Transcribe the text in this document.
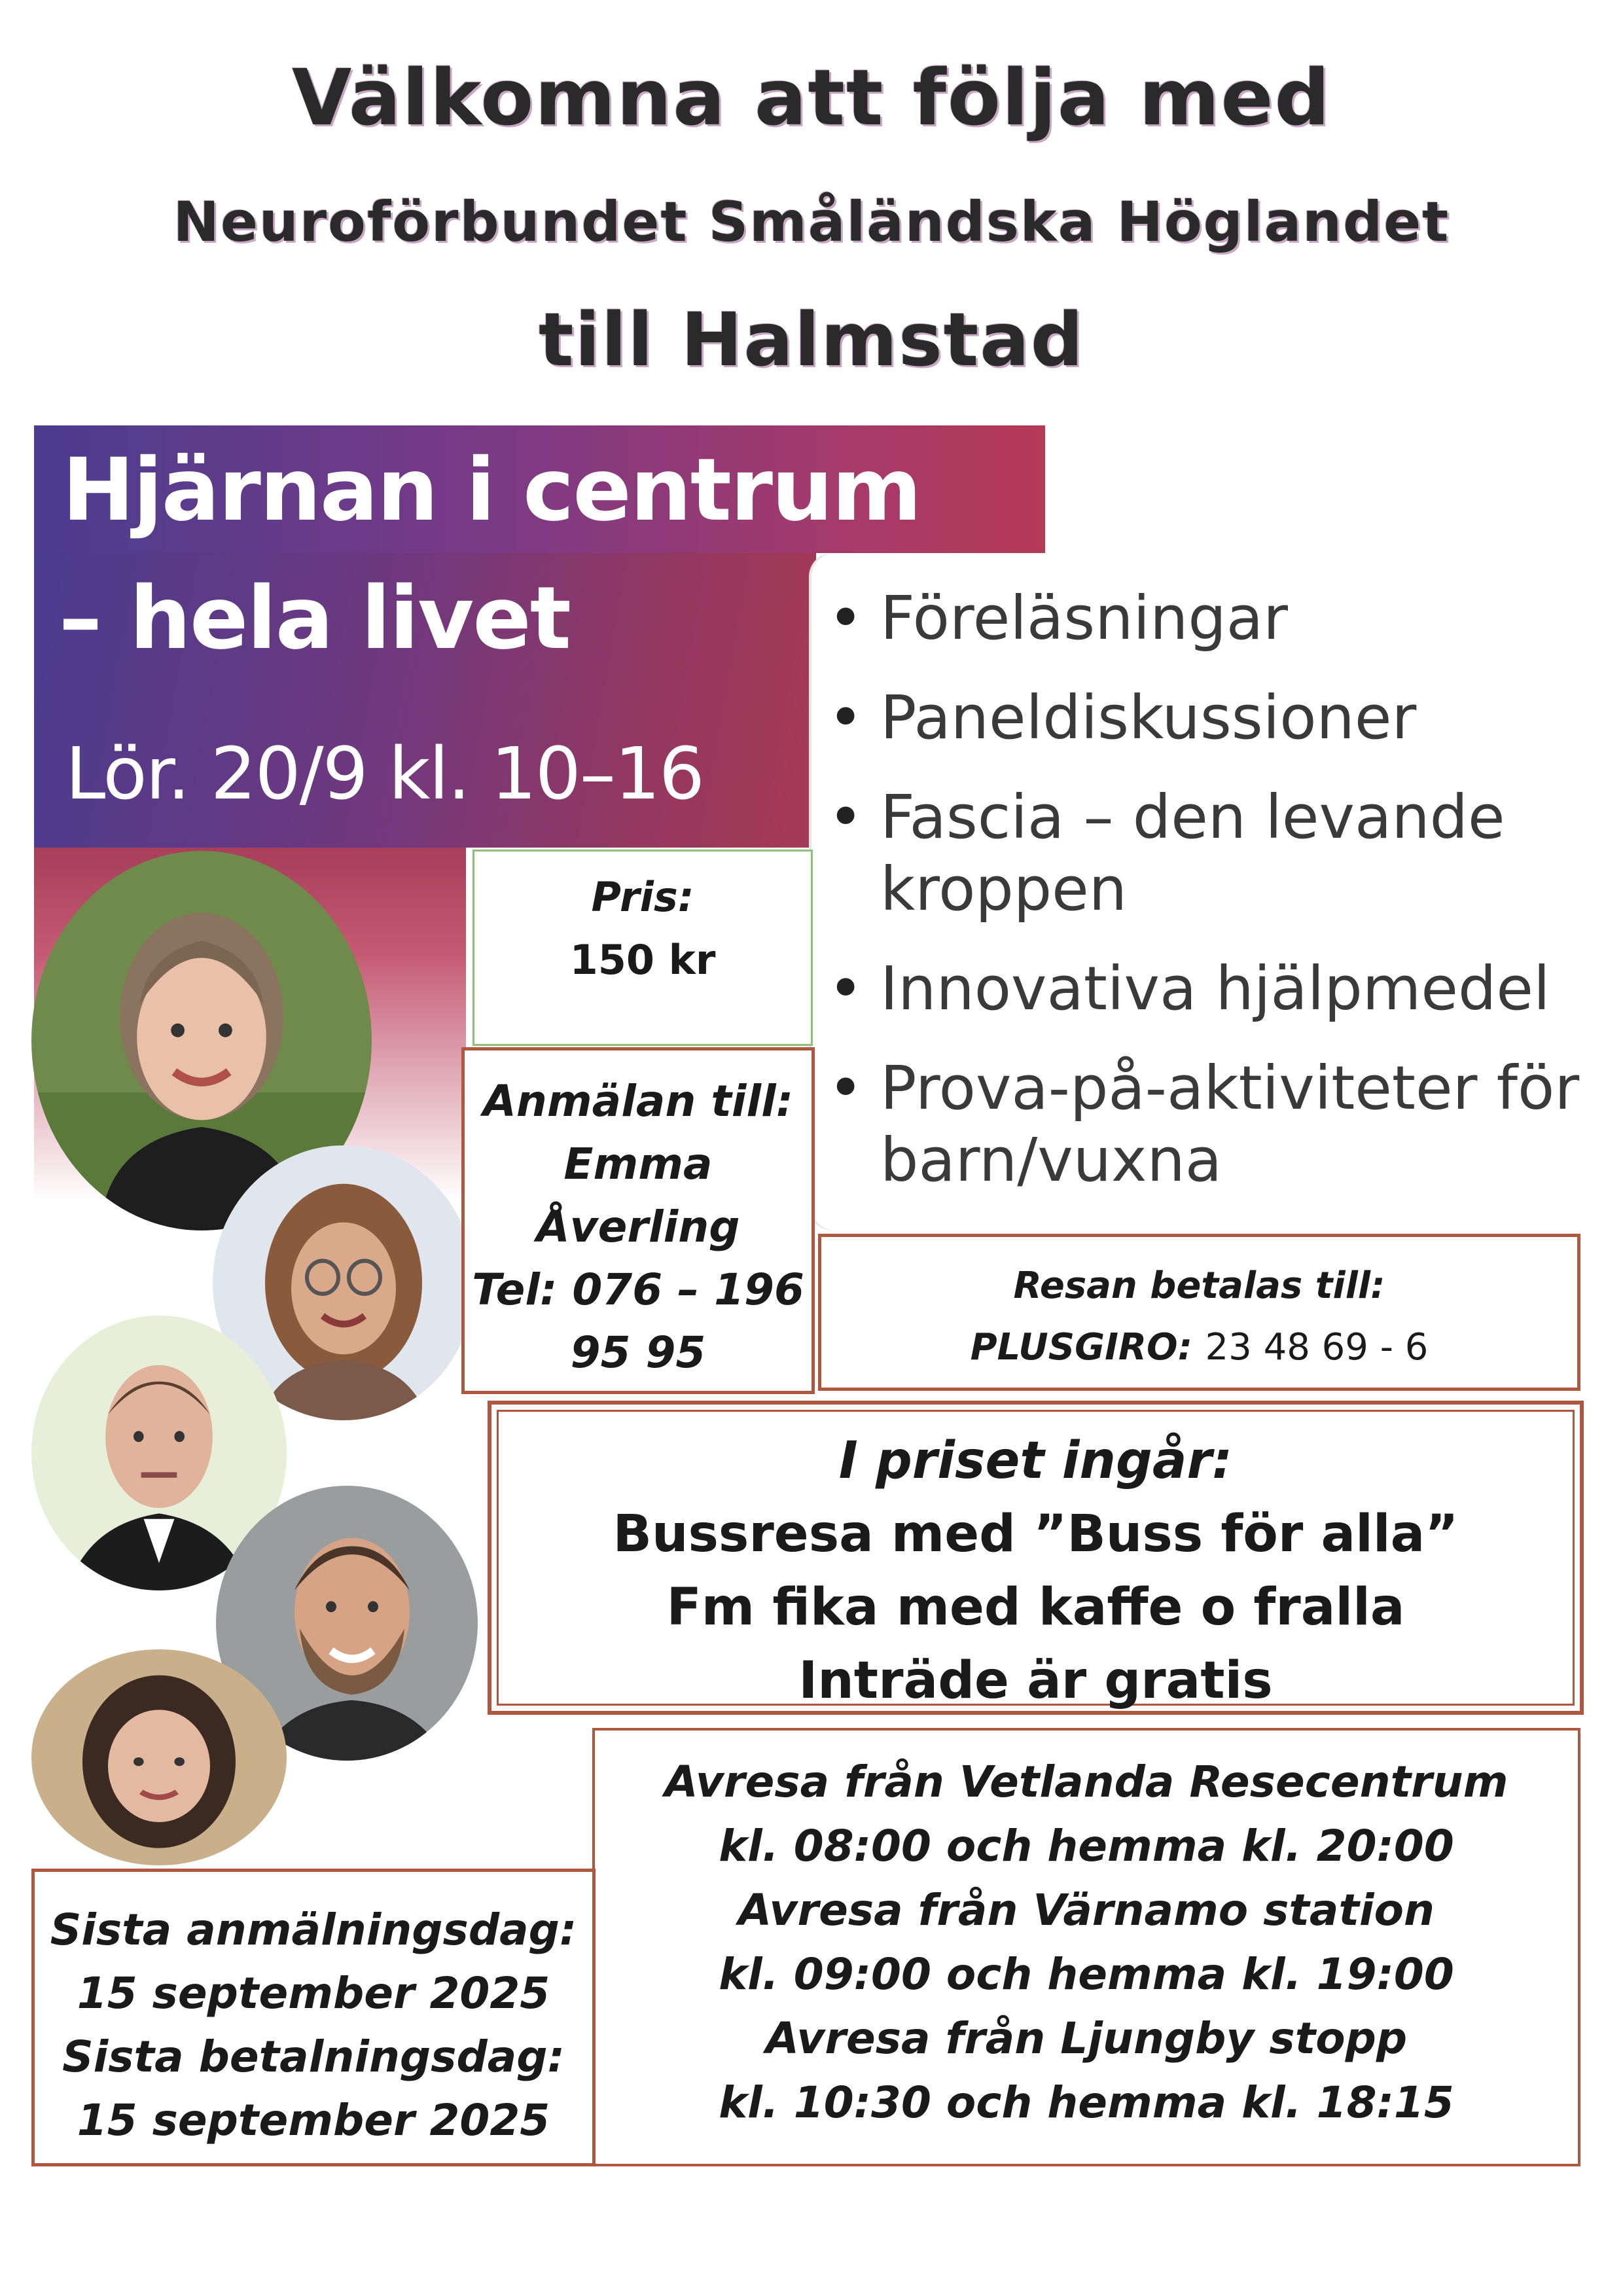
Välkomna att följa med
Neuroförbundet Småländska Höglandet
till Halmstad
Hjärnan i centrum
– hela livet
Lör. 20/9 kl. 10–16
• Föreläsningar
• Paneldiskussioner
• Fascia – den levande kroppen
• Innovativa hjälpmedel
• Prova-på-aktiviteter för barn/vuxna
Pris:
150 kr
Anmälan till:
Emma
Åverling
Tel: 076 – 196
95 95
Resan betalas till:
PLUSGIRO: 23 48 69 - 6
I priset ingår:
Bussresa med ”Buss för alla”
Fm fika med kaffe o fralla
Inträde är gratis
Avresa från Vetlanda Resecentrum
kl. 08:00 och hemma kl. 20:00
Avresa från Värnamo station
kl. 09:00 och hemma kl. 19:00
Avresa från Ljungby stopp
kl. 10:30 och hemma kl. 18:15
Sista anmälningsdag:
15 september 2025
Sista betalningsdag:
15 september 2025
